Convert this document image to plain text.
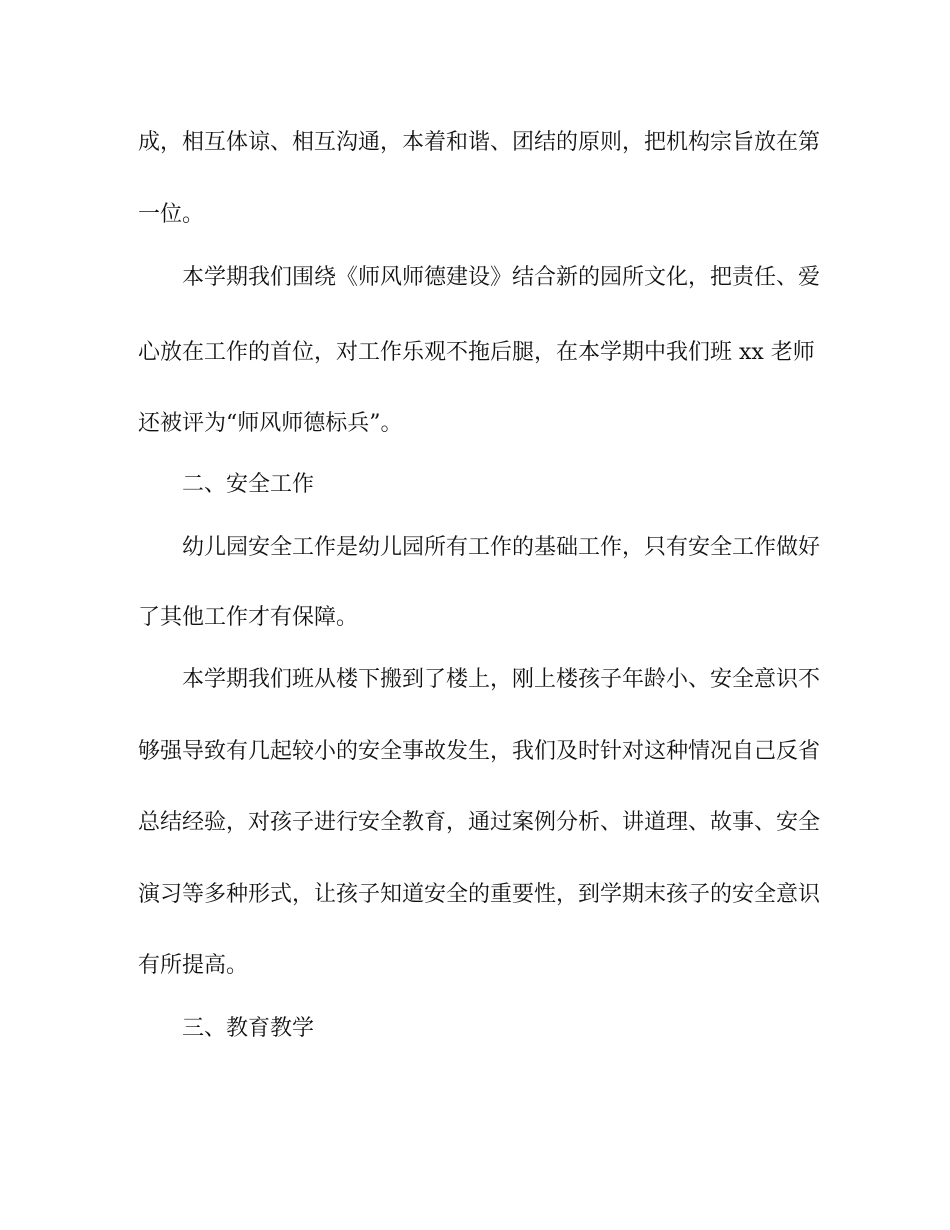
成，相互体谅、相互沟通，本着和谐、团结的原则，把机构宗旨放在第
一位。
本学期我们围绕《师风师德建设》结合新的园所文化，把责任、爱
心放在工作的首位，对工作乐观不拖后腿，在本学期中我们班 xx 老师
还被评为“师风师德标兵”。
二、安全工作
幼儿园安全工作是幼儿园所有工作的基础工作，只有安全工作做好
了其他工作才有保障。
本学期我们班从楼下搬到了楼上，刚上楼孩子年龄小、安全意识不
够强导致有几起较小的安全事故发生，我们及时针对这种情况自己反省
总结经验，对孩子进行安全教育，通过案例分析、讲道理、故事、安全
演习等多种形式，让孩子知道安全的重要性，到学期末孩子的安全意识
有所提高。
三、教育教学
